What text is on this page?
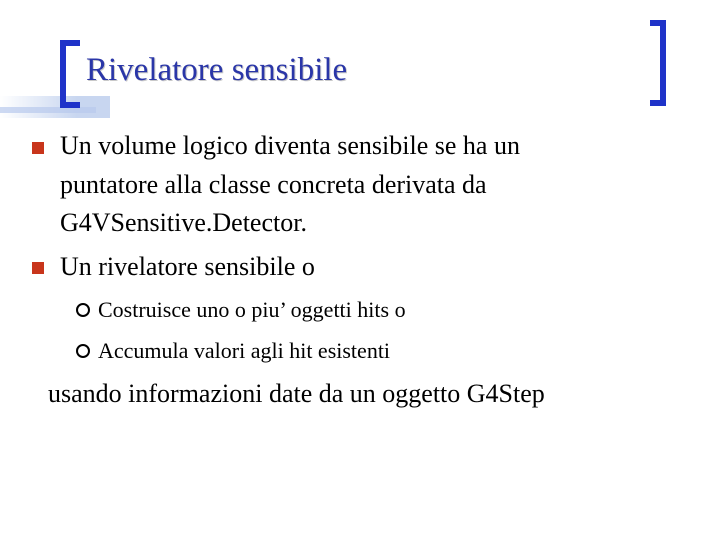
Rivelatore sensibile
Un volume logico diventa sensibile se ha un
puntatore alla classe concreta derivata da
G4VSensitive.Detector.
Un rivelatore sensibile o
Costruisce uno o piu’ oggetti hits o
Accumula valori agli hit esistenti
usando informazioni date da un oggetto G4Step
